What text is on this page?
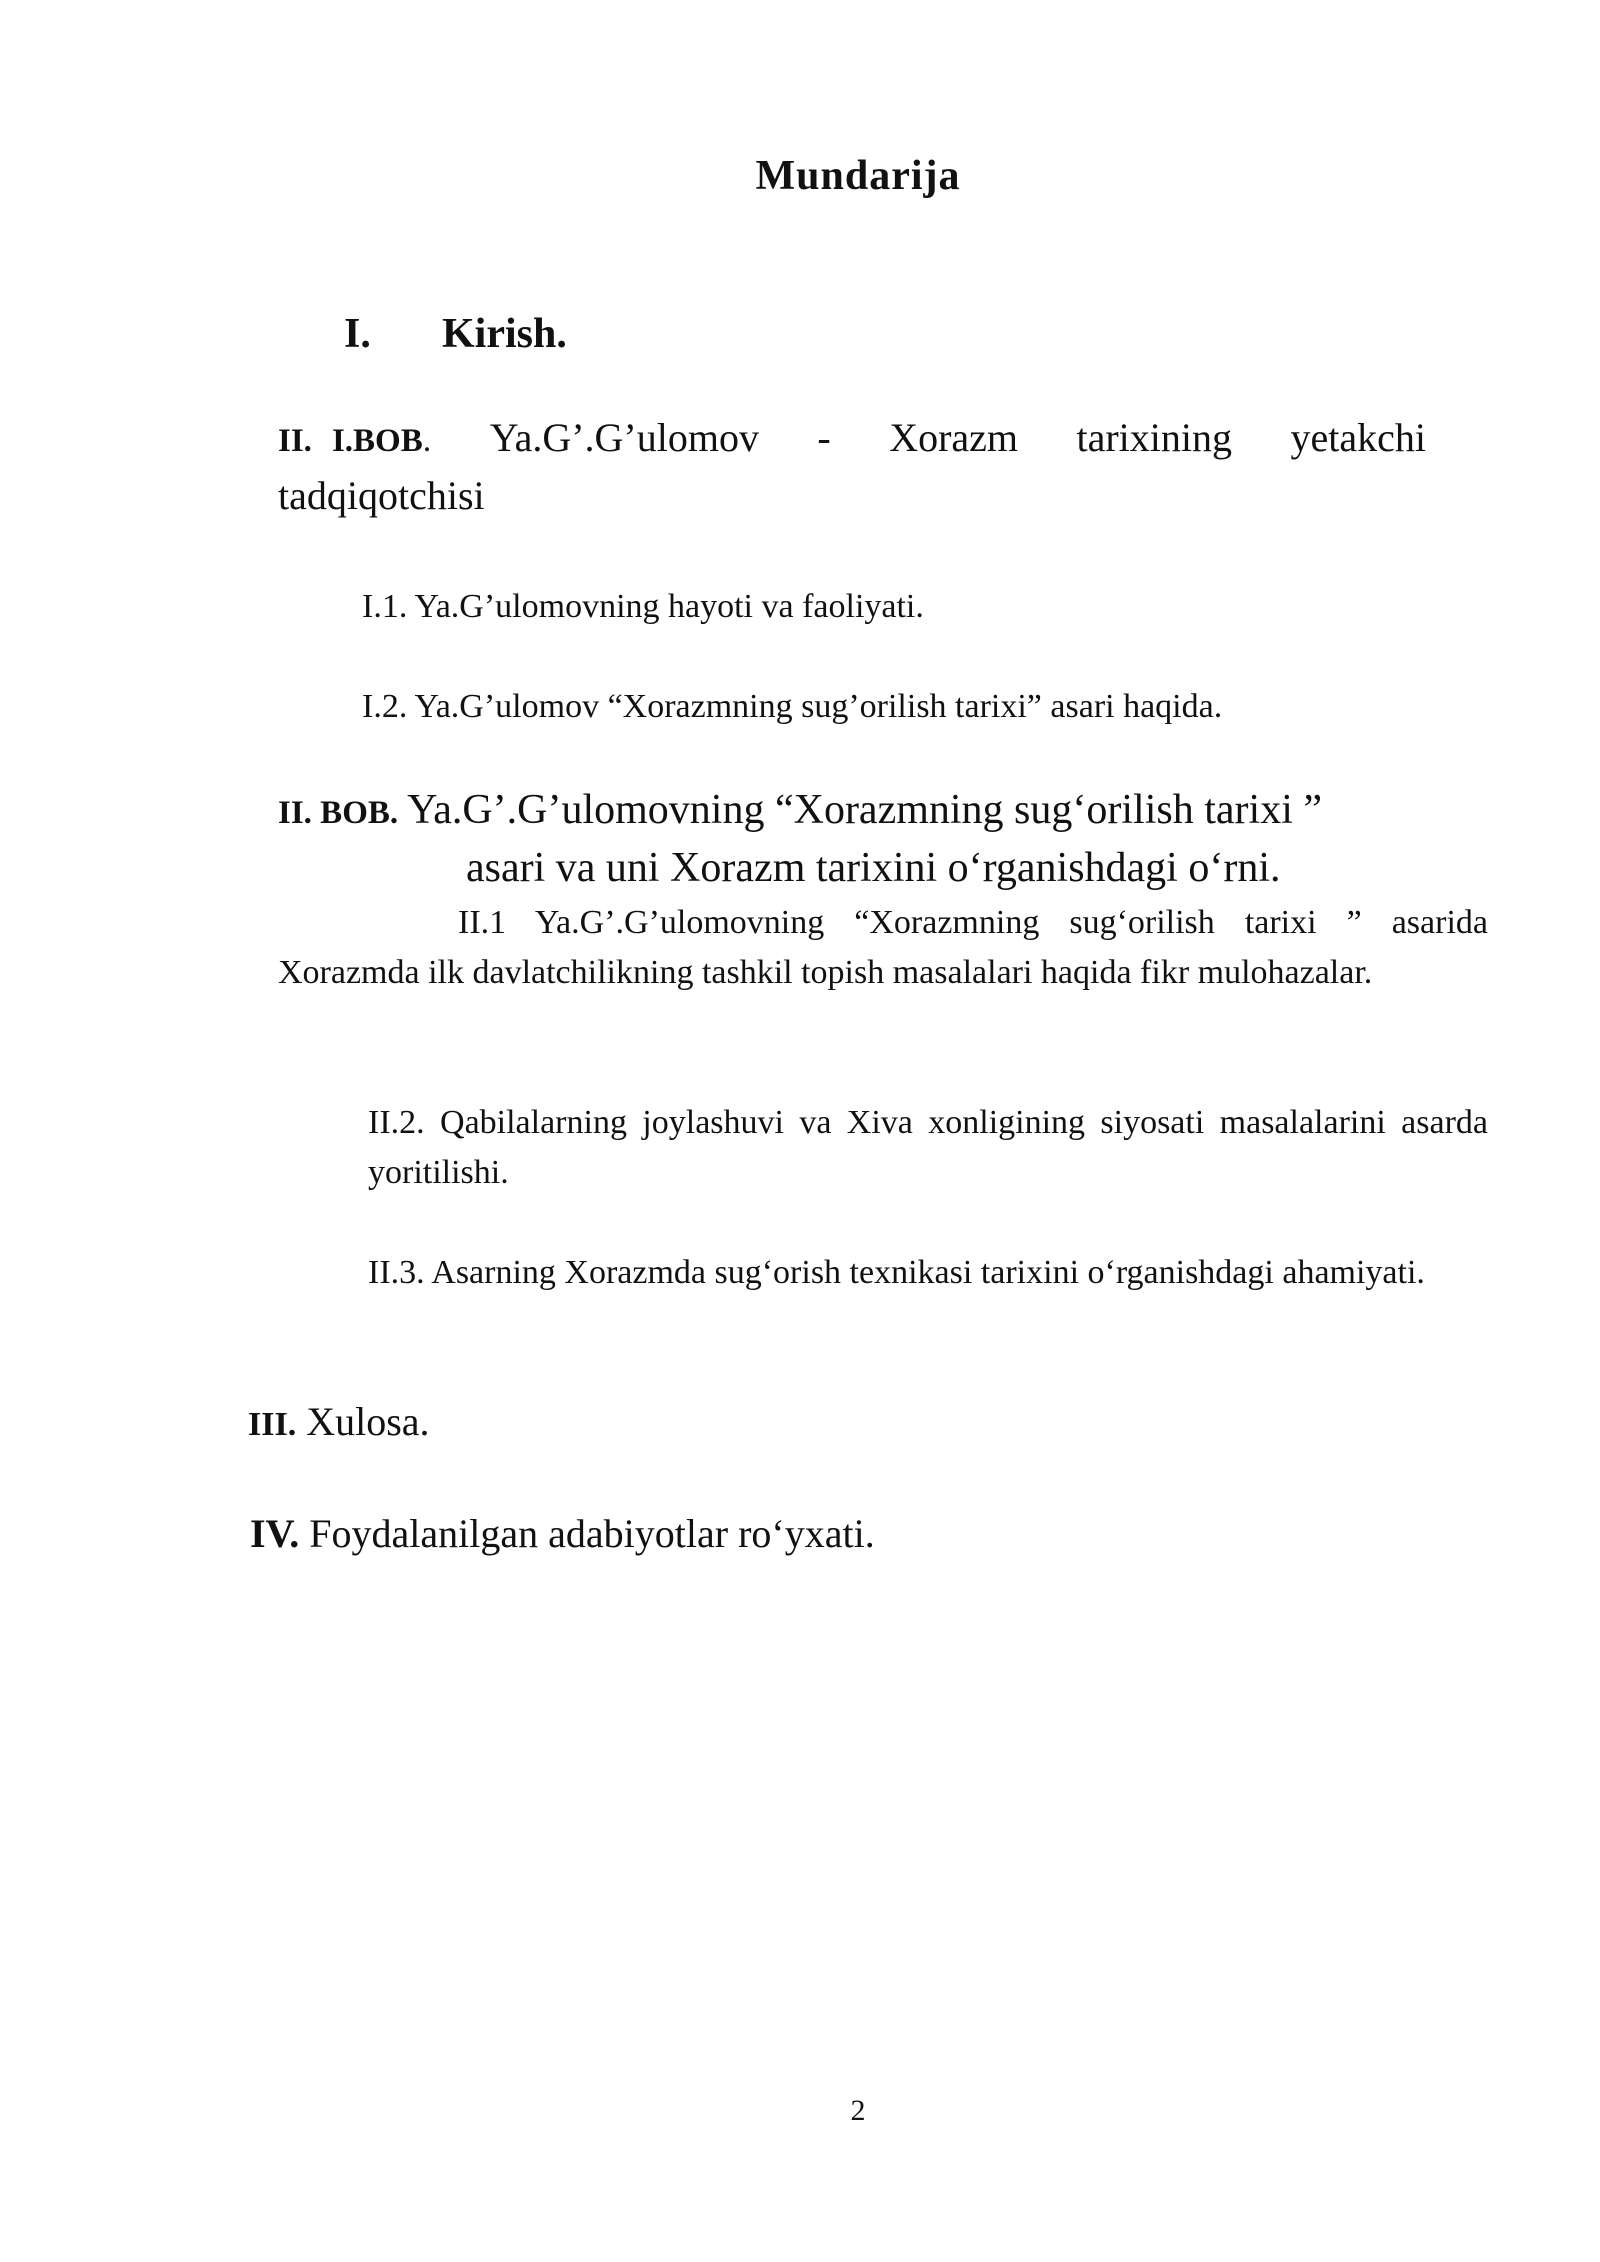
Mundarija
I. Kirish.
II. I.BOB. Ya.G’.G’ulomov - Xorazm tarixining yetakchi
tadqiqotchisi
I.1. Ya.G’ulomovning hayoti va faoliyati.
I.2. Ya.G’ulomov “Xorazmning sug’orilish tarixi” asari haqida.
II. BOB. Ya.G’.G’ulomovning “Xorazmning sug‘orilish tarixi ”
asari va uni Xorazm tarixini o‘rganishdagi o‘rni.

II.1 Ya.G’.G’ulomovning “Xorazmning sug‘orilish tarixi ” asarida Xorazmda ilk davlatchilikning tashkil topish masalalari haqida fikr mulohazalar.

II.2. Qabilalarning joylashuvi va Xiva xonligining siyosati masalalarini asarda yoritilishi.

II.3. Asarning Xorazmda sug‘orish texnikasi tarixini o‘rganishdagi ahamiyati.

III. Xulosa.
IV. Foydalanilgan adabiyotlar ro‘yxati.
2
